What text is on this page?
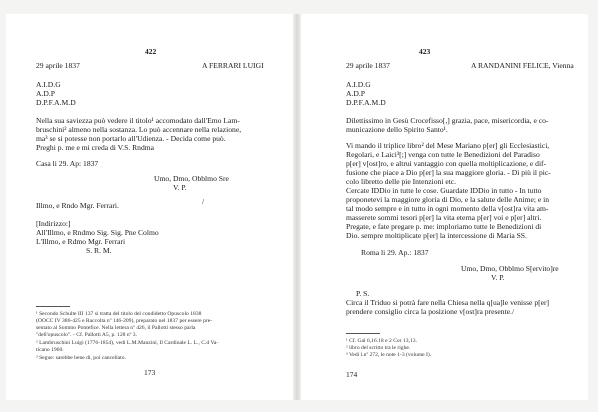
422
29 aprile 1837	A FERRARI LUIGI
A.I.D.G
A.D.P
D.P.F.A.M.D
Nella sua saviezza può vedere il titolo¹ accomodato dall'Emo Lam-
bruschini² almeno nella sostanza. Lo può accennare nella relazione,
ma³ se si potesse non portarlo all'Udienza. - Decida come può.
Preghi p. me e mi creda di V.S. Rndma
Casa li 29. Ap: 1837
Umo, Dmo, Obblmo Sre
V. P.
Illmo, e Rndo Mgr. Ferrari.	/
[Indirizzo:]
All'Illmo, e Rndmo Sig. Sig. Pne Colmo
L'Illmo, e Rdmo Mgr. Ferrari
S. R. M.
¹ Secondo Schulte III 137 si tratta del titolo del condidetto Opuscolo 1838
(OOCC IV 386-425 e Raccolta nº 146-209), preparato nel 1837 per essere pre-
sentato al Sommo Pontefice. Nella lettera nº 426, il Pallotti stesso parla
"dell'opuscolo". - Cf. Pallotti A5, p. 128 nº 3.
² Lambruschini Luigi (1776-1854), vedi L.M.Manzini, Il Cardinale L. L., C.d Va-
ticano 1960.
³ Segue: sarebbe bene di, poi cancellato.
173
423
29 aprile 1837	A RANDANINI FELICE, Vienna
A.I.D.G
A.D.P
D.P.F.A.M.D
Dilettissimo in Gesù Crocefisso[,] grazia, pace, misericordia, e co-
municazione dello Spirito Santo¹.
Vi mando il triplice libro² del Mese Mariano p[er] gli Ecclesiastici,
Regolari, e Laici³[;] venga con tutte le Benedizioni del Paradiso
p[er] v[ost]ro, e altrui vantaggio con quella moltiplicazione, e dif-
fusione che piace a Dio p[er] la sua maggiore gloria. - Di più il pic-
colo libretto delle pie Intenzioni etc.
Cercate IDDio in tutte le cose. Guardate IDDio in tutto - In tutto
proponetevi la maggiore gloria di Dio, e la salute delle Anime; e in
tal modo sempre e in tutto in ogni momento della v[ost]ra vita am-
masserete sommi tesori p[er] la vita eterna p[er] voi e p[er] altri.
Pregate, e fate pregare p. me: imploriamo tutte le Benedizioni di
Dio. sempre moltiplicate p[er] la intercessione di Maria SS.
Roma li 29. Ap.: 1837
Umo, Dmo, Obblmo S[ervito]re
V. P.
P. S.
Circa il Triduo si potrà fare nella Chiesa nella q[ua]le venisse p[er]
prendere consiglio circa la posizione v[ost]ra presente./
¹ Cf. Gal 6,16.18 e 2 Cor 13,13.
² libro del scritto tra le righe.
³ Vedi l.nº 272, le note 1-3 (volume I).
174
